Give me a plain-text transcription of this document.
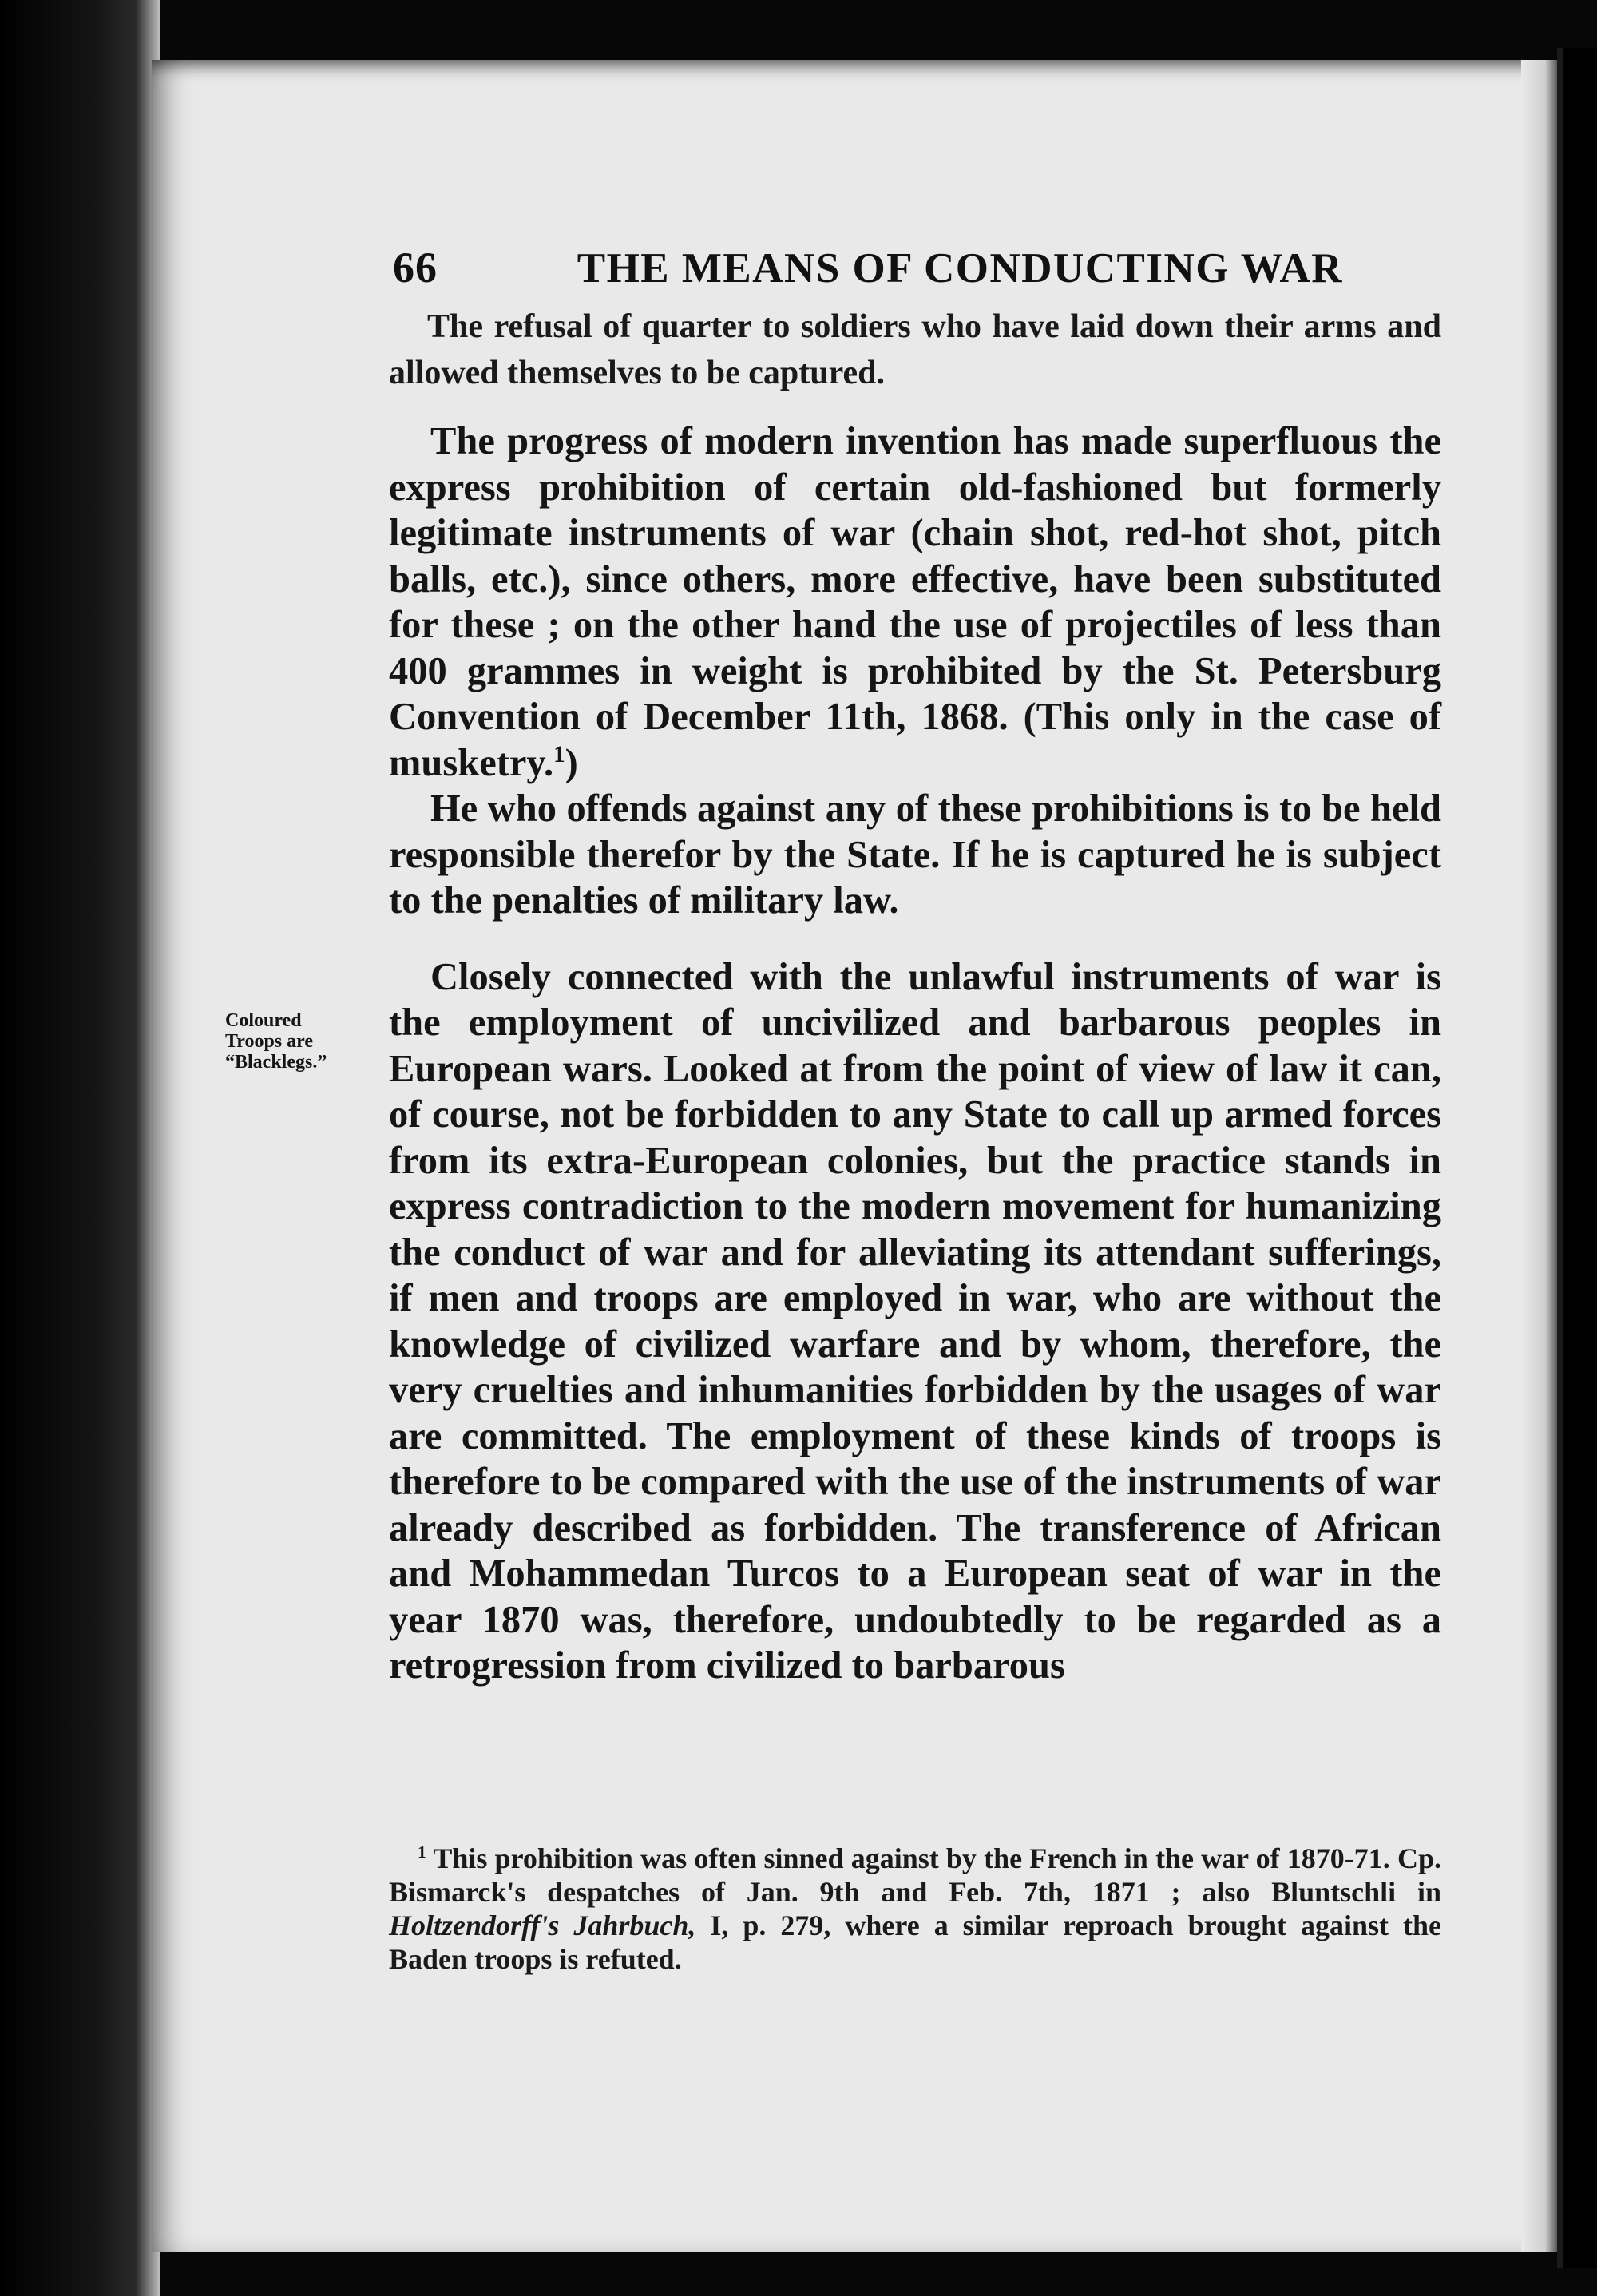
66	THE MEANS OF CONDUCTING WAR

The refusal of quarter to soldiers who have laid down their arms and allowed themselves to be captured.

The progress of modern invention has made superfluous the express prohibition of certain old-fashioned but formerly legitimate instruments of war (chain shot, red-hot shot, pitch balls, etc.), since others, more effective, have been substituted for these ; on the other hand the use of projectiles of less than 400 grammes in weight is prohibited by the St. Petersburg Convention of December 11th, 1868. (This only in the case of musketry.$^1$)

He who offends against any of these prohibitions is to be held responsible therefor by the State. If he is captured he is subject to the penalties of military law.

Closely connected with the unlawful instruments of war is the employment of uncivilized and barbarous peoples in European wars. Looked at from the point of view of law it can, of course, not be forbidden to any State to call up armed forces from its extra-European colonies, but the practice stands in express contradiction to the modern movement for humanizing the conduct of war and for alleviating its attendant sufferings, if men and troops are employed in war, who are without the knowledge of civilized warfare and by whom, therefore, the very cruelties and inhumanities forbidden by the usages of war are committed. The employment of these kinds of troops is therefore to be compared with the use of the instruments of war already described as forbidden. The transference of African and Mohammedan Turcos to a European seat of war in the year 1870 was, therefore, undoubtedly to be regarded as a retrogression from civilized to barbarous

Coloured
Troops are
“Blacklegs.”
$^1$ This prohibition was often sinned against by the French in the war of 1870-71. Cp. Bismarck's despatches of Jan. 9th and Feb. 7th, 1871 ; also Bluntschli in Holtzendorff's Jahrbuch, I, p. 279, where a similar reproach brought against the Baden troops is refuted.
